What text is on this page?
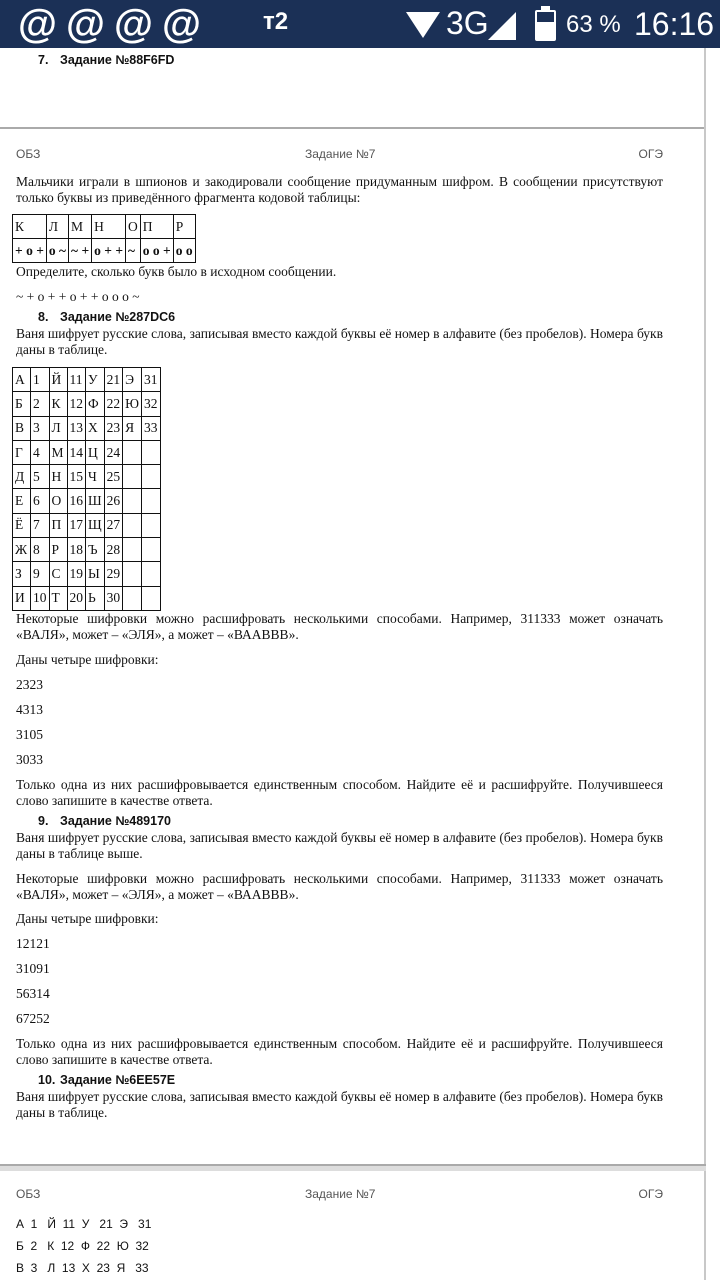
@ @ @ @	т2	3G	63 % 16:16
7. Задание №88F6FD
ОБЗ	Задание №7	ОГЭ
Мальчики играли в шпионов и закодировали сообщение придуманным шифром. В сообщении присутствуют только буквы из приведённого фрагмента кодовой таблицы:
К	Л	М	Н	О	П	Р
+ о +	о ~	~ +	о + +	~	о о +	о о
Определите, сколько букв было в исходном сообщении.
~ + о + + о + + о о о ~
8. Задание №287DC6
Ваня шифрует русские слова, записывая вместо каждой буквы её номер в алфавите (без пробелов). Номера букв даны в таблице.
А	1	Й	11	У	21	Э	31
Б	2	К	12	Ф	22	Ю	32
В	3	Л	13	Х	23	Я	33
Г	4	М	14	Ц	24		
Д	5	Н	15	Ч	25		
Е	6	О	16	Ш	26		
Ё	7	П	17	Щ	27		
Ж	8	Р	18	Ъ	28		
З	9	С	19	Ы	29		
И	10	Т	20	Ь	30		
Некоторые шифровки можно расшифровать несколькими способами. Например, 311333 может означать «ВАЛЯ», может – «ЭЛЯ», а может – «ВААВВВ».
Даны четыре шифровки:
2323
4313
3105
3033
Только одна из них расшифровывается единственным способом. Найдите её и расшифруйте. Получившееся слово запишите в качестве ответа.
9. Задание №489170
Ваня шифрует русские слова, записывая вместо каждой буквы её номер в алфавите (без пробелов). Номера букв даны в таблице выше.
Некоторые шифровки можно расшифровать несколькими способами. Например, 311333 может означать «ВАЛЯ», может – «ЭЛЯ», а может – «ВААВВВ».
Даны четыре шифровки:
12121
31091
56314
67252
Только одна из них расшифровывается единственным способом. Найдите её и расшифруйте. Получившееся слово запишите в качестве ответа.
10. Задание №6EE57E
Ваня шифрует русские слова, записывая вместо каждой буквы её номер в алфавите (без пробелов). Номера букв даны в таблице.
ОБЗ	Задание №7	ОГЭ
А  1   Й  11  У   21  Э   31
Б  2   К  12  Ф  22  Ю  32
В  3   Л  13  Х  23  Я   33
